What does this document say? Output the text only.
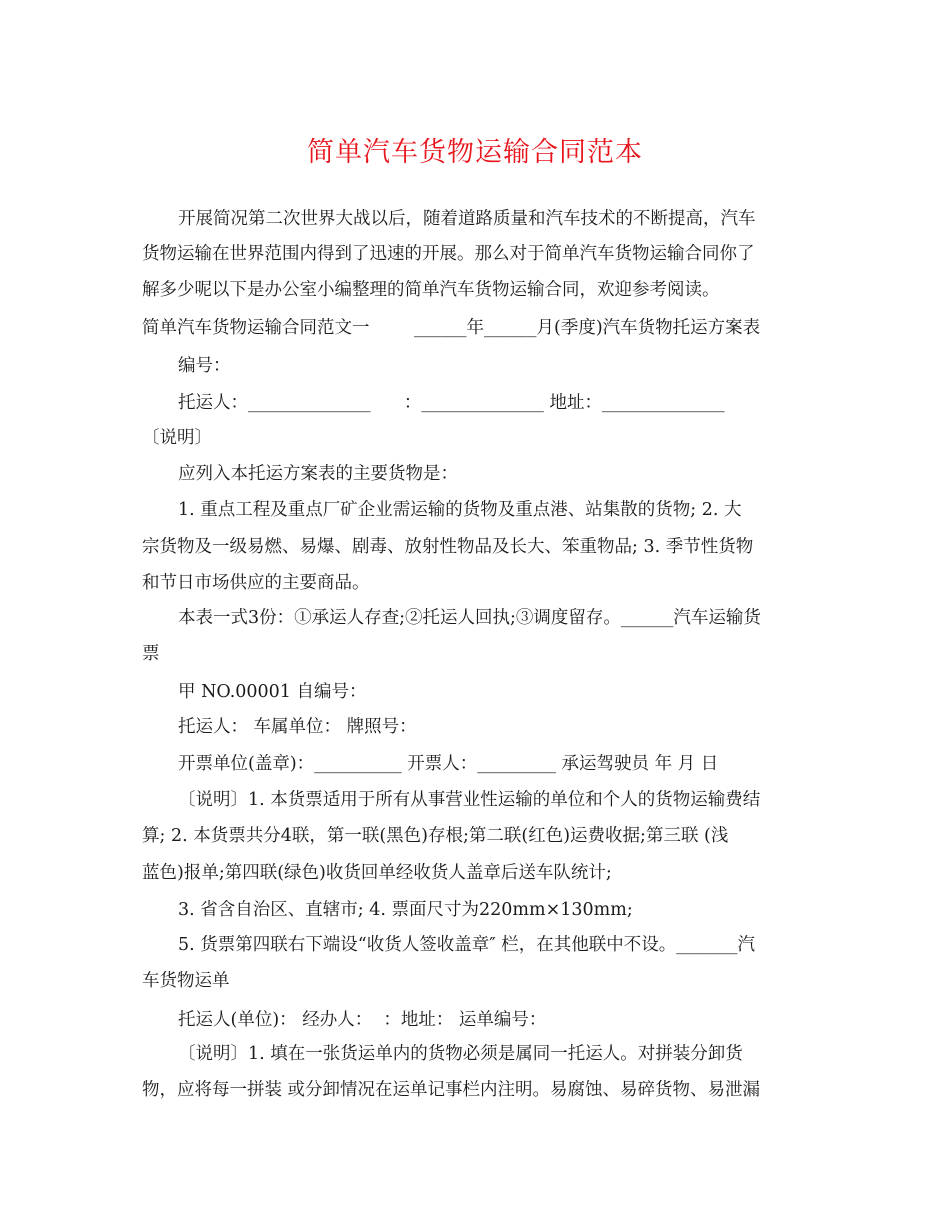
简单汽车货物运输合同范本
开展简况第二次世界大战以后，随着道路质量和汽车技术的不断提高，汽车
货物运输在世界范围内得到了迅速的开展。那么对于简单汽车货物运输合同你了
解多少呢以下是办公室小编整理的简单汽车货物运输合同，欢迎参考阅读。
简单汽车货物运输合同范文一        ______年______月(季度)汽车货物托运方案表
编号：
托运人：______________      ：______________ 地址：______________
〔说明〕
应列入本托运方案表的主要货物是：
1. 重点工程及重点厂矿企业需运输的货物及重点港、站集散的货物; 2. 大
宗货物及一级易燃、易爆、剧毒、放射性物品及长大、笨重物品; 3. 季节性货物
和节日市场供应的主要商品。
本表一式3份：①承运人存查;②托运人回执;③调度留存。______汽车运输货
票
甲 NO.00001 自编号：
托运人： 车属单位： 牌照号：
开票单位(盖章)：__________ 开票人：_________ 承运驾驶员 年 月 日
〔说明〕1. 本货票适用于所有从事营业性运输的单位和个人的货物运输费结
算; 2. 本货票共分4联，第一联(黑色)存根;第二联(红色)运费收据;第三联 (浅
蓝色)报单;第四联(绿色)收货回单经收货人盖章后送车队统计;
3. 省含自治区、直辖市; 4. 票面尺寸为220mm×130mm;
5. 货票第四联右下端设“收货人签收盖章″ 栏，在其他联中不设。_______汽
车货物运单
托运人(单位)： 经办人：  ：地址： 运单编号：
〔说明〕1. 填在一张货运单内的货物必须是属同一托运人。对拼装分卸货
物，应将每一拼装 或分卸情况在运单记事栏内注明。易腐蚀、易碎货物、易泄漏
